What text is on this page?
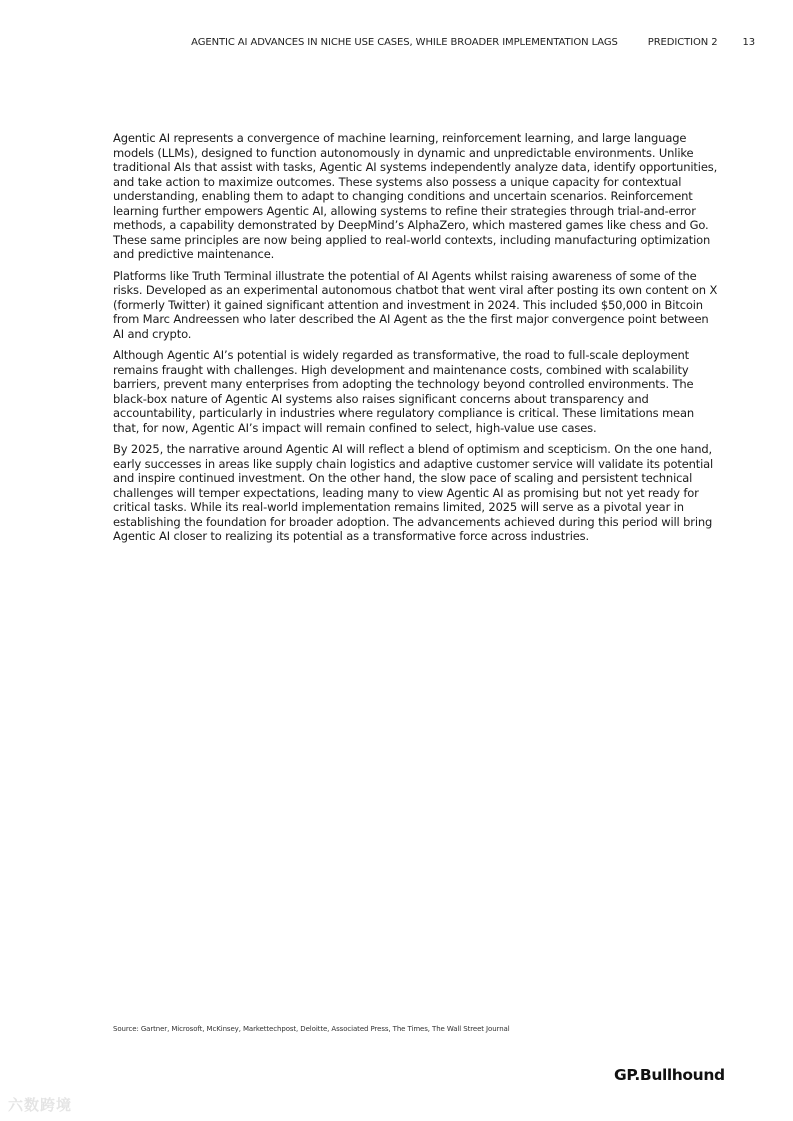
AGENTIC AI ADVANCES IN NICHE USE CASES, WHILE BROADER IMPLEMENTATION LAGS	PREDICTION 2	13

Agentic AI represents a convergence of machine learning, reinforcement learning, and large language models (LLMs), designed to function autonomously in dynamic and unpredictable environments. Unlike traditional AIs that assist with tasks, Agentic AI systems independently analyze data, identify opportunities, and take action to maximize outcomes. These systems also possess a unique capacity for contextual understanding, enabling them to adapt to changing conditions and uncertain scenarios. Reinforcement learning further empowers Agentic AI, allowing systems to refine their strategies through trial-and-error methods, a capability demonstrated by DeepMind’s AlphaZero, which mastered games like chess and Go. These same principles are now being applied to real-world contexts, including manufacturing optimization and predictive maintenance.

Platforms like Truth Terminal illustrate the potential of AI Agents whilst raising awareness of some of the risks. Developed as an experimental autonomous chatbot that went viral after posting its own content on X (formerly Twitter) it gained significant attention and investment in 2024. This included $50,000 in Bitcoin from Marc Andreessen who later described the AI Agent as the the first major convergence point between AI and crypto.

Although Agentic AI’s potential is widely regarded as transformative, the road to full-scale deployment remains fraught with challenges. High development and maintenance costs, combined with scalability barriers, prevent many enterprises from adopting the technology beyond controlled environments. The black-box nature of Agentic AI systems also raises significant concerns about transparency and accountability, particularly in industries where regulatory compliance is critical. These limitations mean that, for now, Agentic AI’s impact will remain confined to select, high-value use cases.

By 2025, the narrative around Agentic AI will reflect a blend of optimism and scepticism. On the one hand, early successes in areas like supply chain logistics and adaptive customer service will validate its potential and inspire continued investment. On the other hand, the slow pace of scaling and persistent technical challenges will temper expectations, leading many to view Agentic AI as promising but not yet ready for critical tasks. While its real-world implementation remains limited, 2025 will serve as a pivotal year in establishing the foundation for broader adoption. The advancements achieved during this period will bring Agentic AI closer to realizing its potential as a transformative force across industries.

Source: Gartner, Microsoft, McKinsey, Markettechpost, Deloitte, Associated Press, The Times, The Wall Street Journal
GP.Bullhound
六数跨境
